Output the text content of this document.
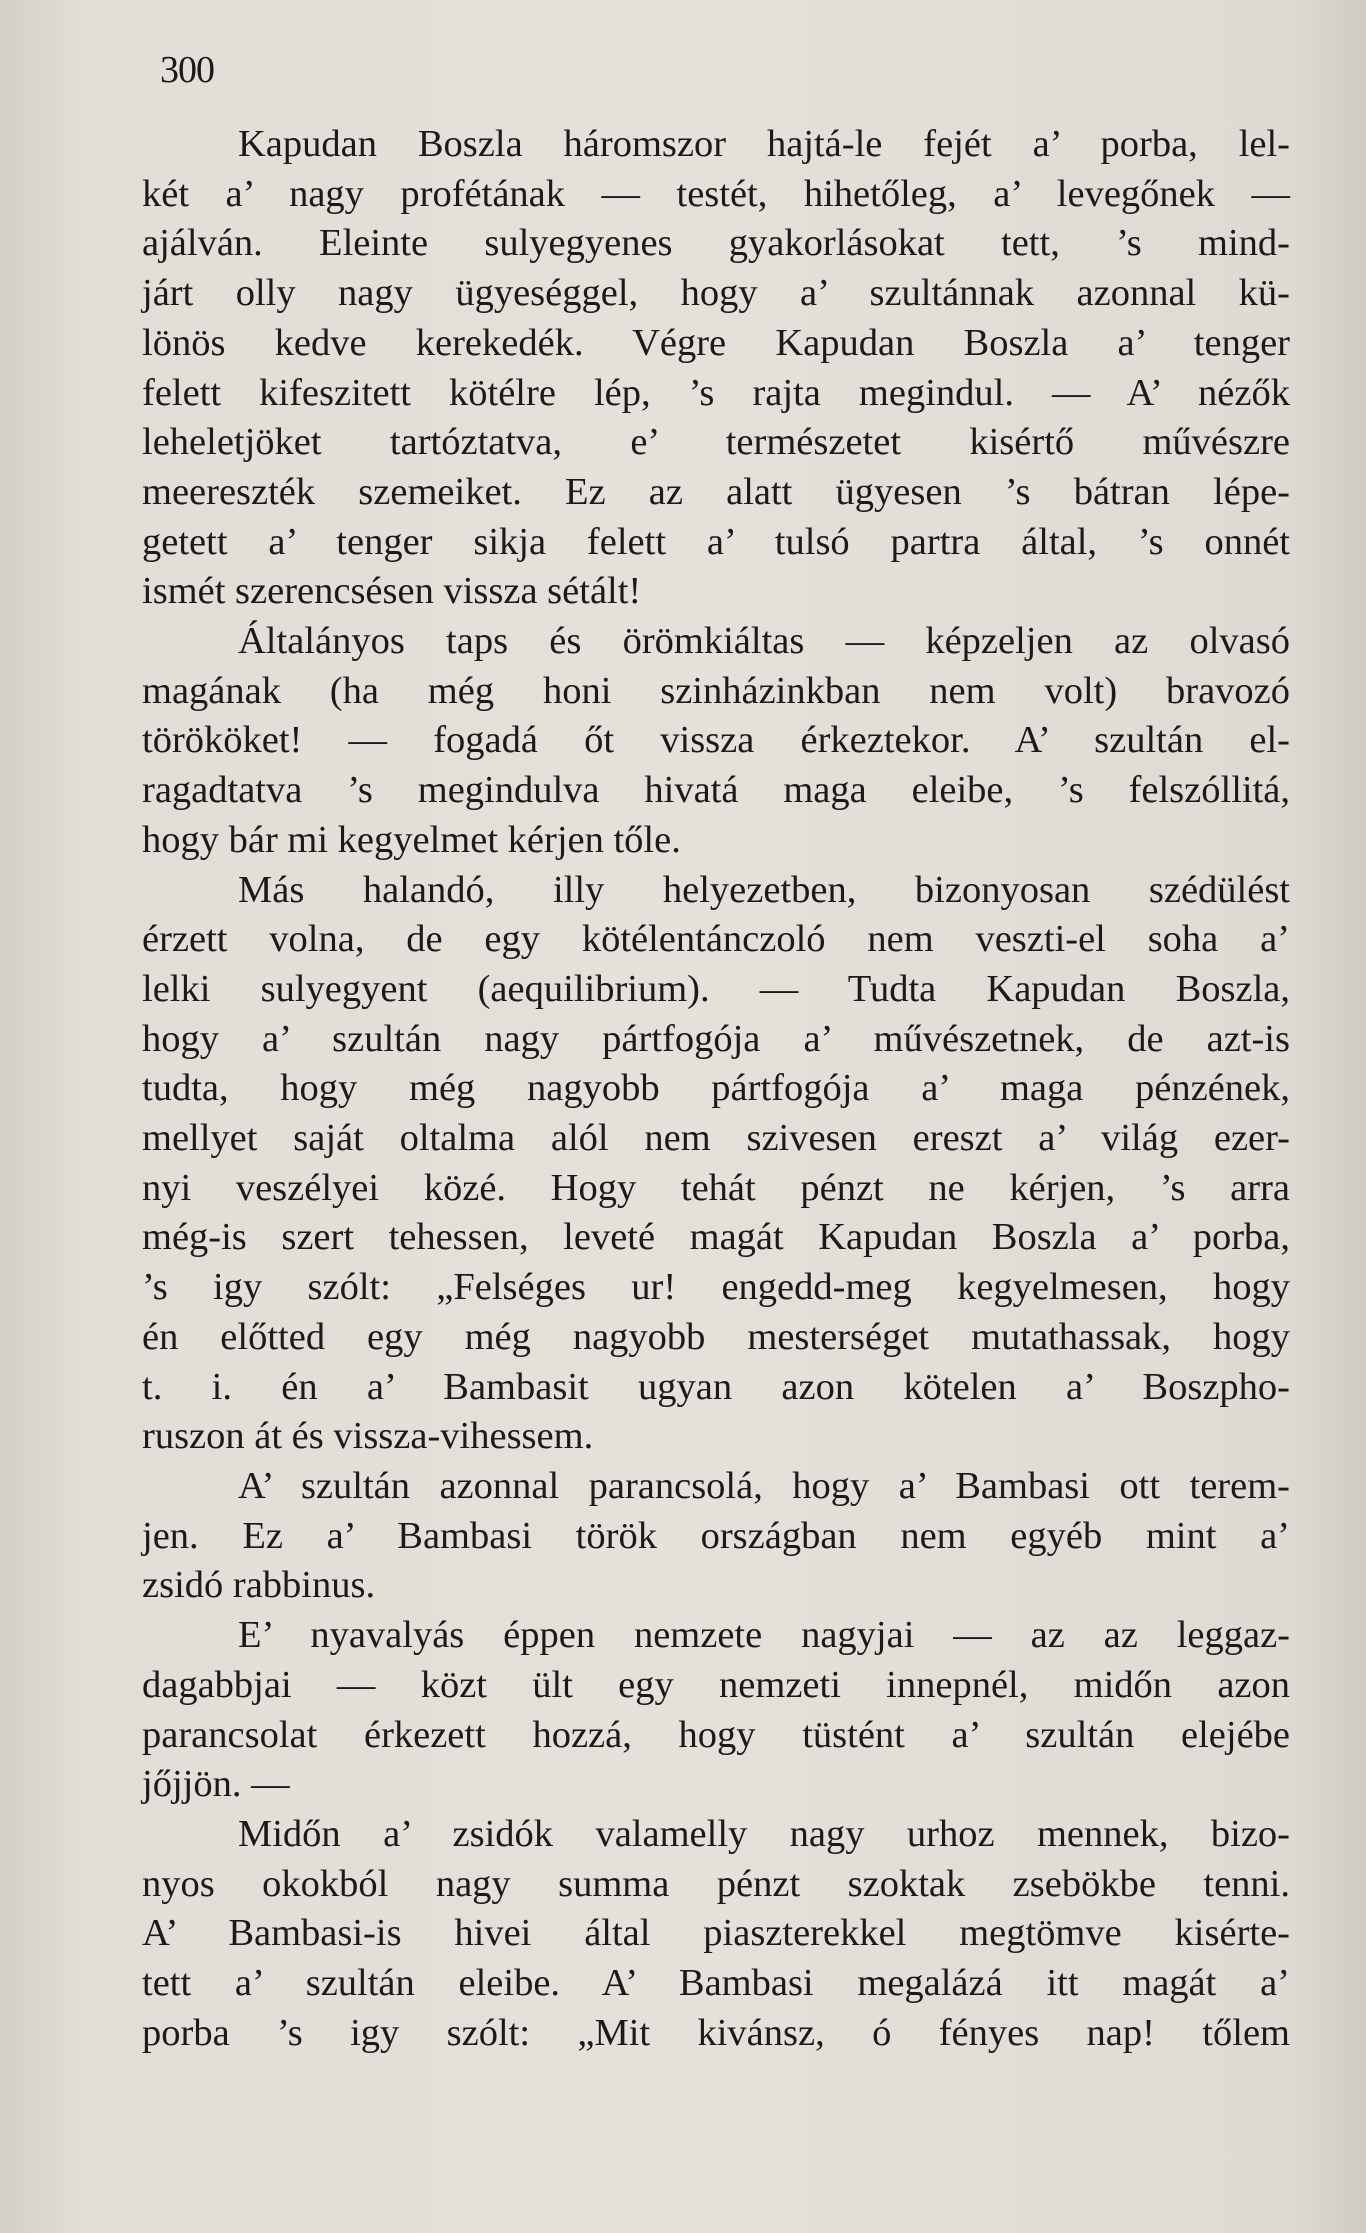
300
Kapudan Boszla háromszor hajtá-le fejét a’ porba, lel-
két a’ nagy profétának — testét, hihetőleg, a’ levegőnek —
ajálván. Eleinte sulyegyenes gyakorlásokat tett, ’s mind-
járt olly nagy ügyeséggel, hogy a’ szultánnak azonnal kü-
lönös kedve kerekedék. Végre Kapudan Boszla a’ tenger
felett kifeszitett kötélre lép, ’s rajta megindul. — A’ nézők
leheletjöket tartóztatva, e’ természetet kisértő művészre
meereszték szemeiket. Ez az alatt ügyesen ’s bátran lépe-
getett a’ tenger sikja felett a’ tulsó partra által, ’s onnét
ismét szerencsésen vissza sétált!
Általányos taps és örömkiáltas — képzeljen az olvasó
magának (ha még honi szinházinkban nem volt) bravozó
törököket! — fogadá őt vissza érkeztekor. A’ szultán el-
ragadtatva ’s megindulva hivatá maga eleibe, ’s felszóllitá,
hogy bár mi kegyelmet kérjen tőle.
Más halandó, illy helyezetben, bizonyosan szédülést
érzett volna, de egy kötélentánczoló nem veszti-el soha a’
lelki sulyegyent (aequilibrium). — Tudta Kapudan Boszla,
hogy a’ szultán nagy pártfogója a’ művészetnek, de azt-is
tudta, hogy még nagyobb pártfogója a’ maga pénzének,
mellyet saját oltalma alól nem szivesen ereszt a’ világ ezer-
nyi veszélyei közé. Hogy tehát pénzt ne kérjen, ’s arra
még-is szert tehessen, leveté magát Kapudan Boszla a’ porba,
’s igy szólt: „Felséges ur! engedd-meg kegyelmesen, hogy
én előtted egy még nagyobb mesterséget mutathassak, hogy
t. i. én a’ Bambasit ugyan azon kötelen a’ Boszpho-
ruszon át és vissza-vihessem.
A’ szultán azonnal parancsolá, hogy a’ Bambasi ott terem-
jen. Ez a’ Bambasi török országban nem egyéb mint a’
zsidó rabbinus.
E’ nyavalyás éppen nemzete nagyjai — az az leggaz-
dagabbjai — közt ült egy nemzeti innepnél, midőn azon
parancsolat érkezett hozzá, hogy tüstént a’ szultán elejébe
jőjjön. —
Midőn a’ zsidók valamelly nagy urhoz mennek, bizo-
nyos okokból nagy summa pénzt szoktak zsebökbe tenni.
A’ Bambasi-is hivei által piaszterekkel megtömve kisérte-
tett a’ szultán eleibe. A’ Bambasi megalázá itt magát a’
porba ’s igy szólt: „Mit kivánsz, ó fényes nap! tőlem
